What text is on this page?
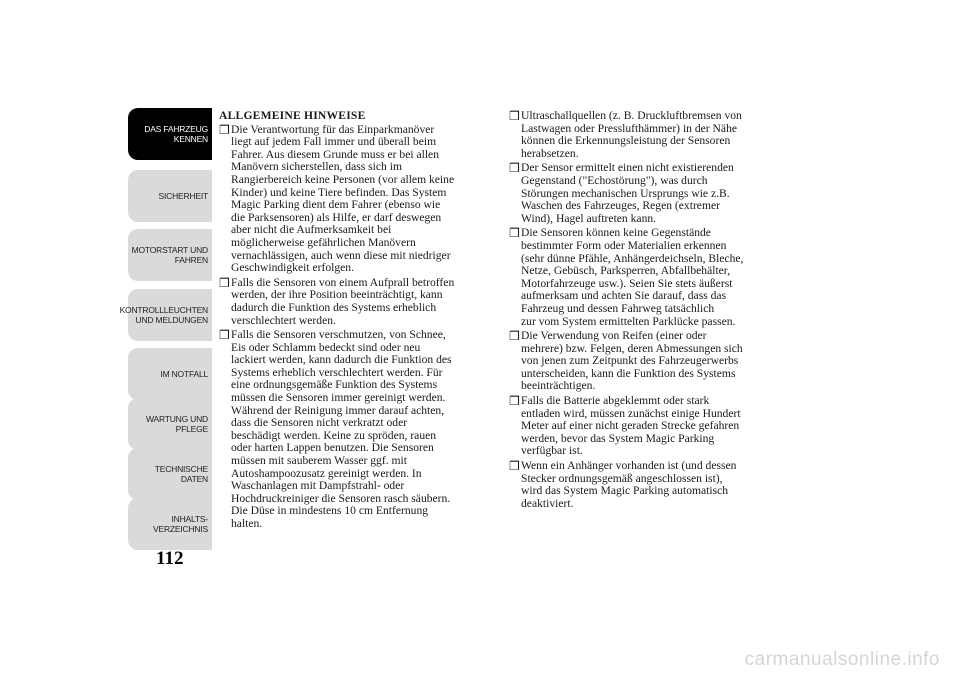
DAS FAHRZEUG
KENNEN
SICHERHEIT
MOTORSTART UND
FAHREN
KONTROLLLEUCHTEN
UND MELDUNGEN
IM NOTFALL
WARTUNG UND
PFLEGE
TECHNISCHE
DATEN
INHALTS-
VERZEICHNIS
112
ALLGEMEINE HINWEISE
❒ Die Verantwortung für das Einparkmanöver
liegt auf jedem Fall immer und überall beim
Fahrer. Aus diesem Grunde muss er bei allen
Manövern sicherstellen, dass sich im
Rangierbereich keine Personen (vor allem keine
Kinder) und keine Tiere befinden. Das System
Magic Parking dient dem Fahrer (ebenso wie
die Parksensoren) als Hilfe, er darf deswegen
aber nicht die Aufmerksamkeit bei
möglicherweise gefährlichen Manövern
vernachlässigen, auch wenn diese mit niedriger
Geschwindigkeit erfolgen.

❒ Falls die Sensoren von einem Aufprall betroffen
werden, der ihre Position beeinträchtigt, kann
dadurch die Funktion des Systems erheblich
verschlechtert werden.

❒ Falls die Sensoren verschmutzen, von Schnee,
Eis oder Schlamm bedeckt sind oder neu
lackiert werden, kann dadurch die Funktion des
Systems erheblich verschlechtert werden. Für
eine ordnungsgemäße Funktion des Systems
müssen die Sensoren immer gereinigt werden.
Während der Reinigung immer darauf achten,
dass die Sensoren nicht verkratzt oder
beschädigt werden. Keine zu spröden, rauen
oder harten Lappen benutzen. Die Sensoren
müssen mit sauberem Wasser ggf. mit
Autoshampoozusatz gereinigt werden. In
Waschanlagen mit Dampfstrahl- oder
Hochdruckreiniger die Sensoren rasch säubern.
Die Düse in mindestens 10 cm Entfernung
halten.

❒ Ultraschallquellen (z. B. Druckluftbremsen von
Lastwagen oder Presslufthämmer) in der Nähe
können die Erkennungsleistung der Sensoren
herabsetzen.

❒ Der Sensor ermittelt einen nicht existierenden
Gegenstand ("Echostörung"), was durch
Störungen mechanischen Ursprungs wie z.B.
Waschen des Fahrzeuges, Regen (extremer
Wind), Hagel auftreten kann.

❒ Die Sensoren können keine Gegenstände
bestimmter Form oder Materialien erkennen
(sehr dünne Pfähle, Anhängerdeichseln, Bleche,
Netze, Gebüsch, Parksperren, Abfallbehälter,
Motorfahrzeuge usw.). Seien Sie stets äußerst
aufmerksam und achten Sie darauf, dass das
Fahrzeug und dessen Fahrweg tatsächlich
zur vom System ermittelten Parklücke passen.

❒ Die Verwendung von Reifen (einer oder
mehrere) bzw. Felgen, deren Abmessungen sich
von jenen zum Zeitpunkt des Fahrzeugerwerbs
unterscheiden, kann die Funktion des Systems
beeinträchtigen.

❒ Falls die Batterie abgeklemmt oder stark
entladen wird, müssen zunächst einige Hundert
Meter auf einer nicht geraden Strecke gefahren
werden, bevor das System Magic Parking
verfügbar ist.

❒ Wenn ein Anhänger vorhanden ist (und dessen
Stecker ordnungsgemäß angeschlossen ist),
wird das System Magic Parking automatisch
deaktiviert.

carmanualsonline.info
